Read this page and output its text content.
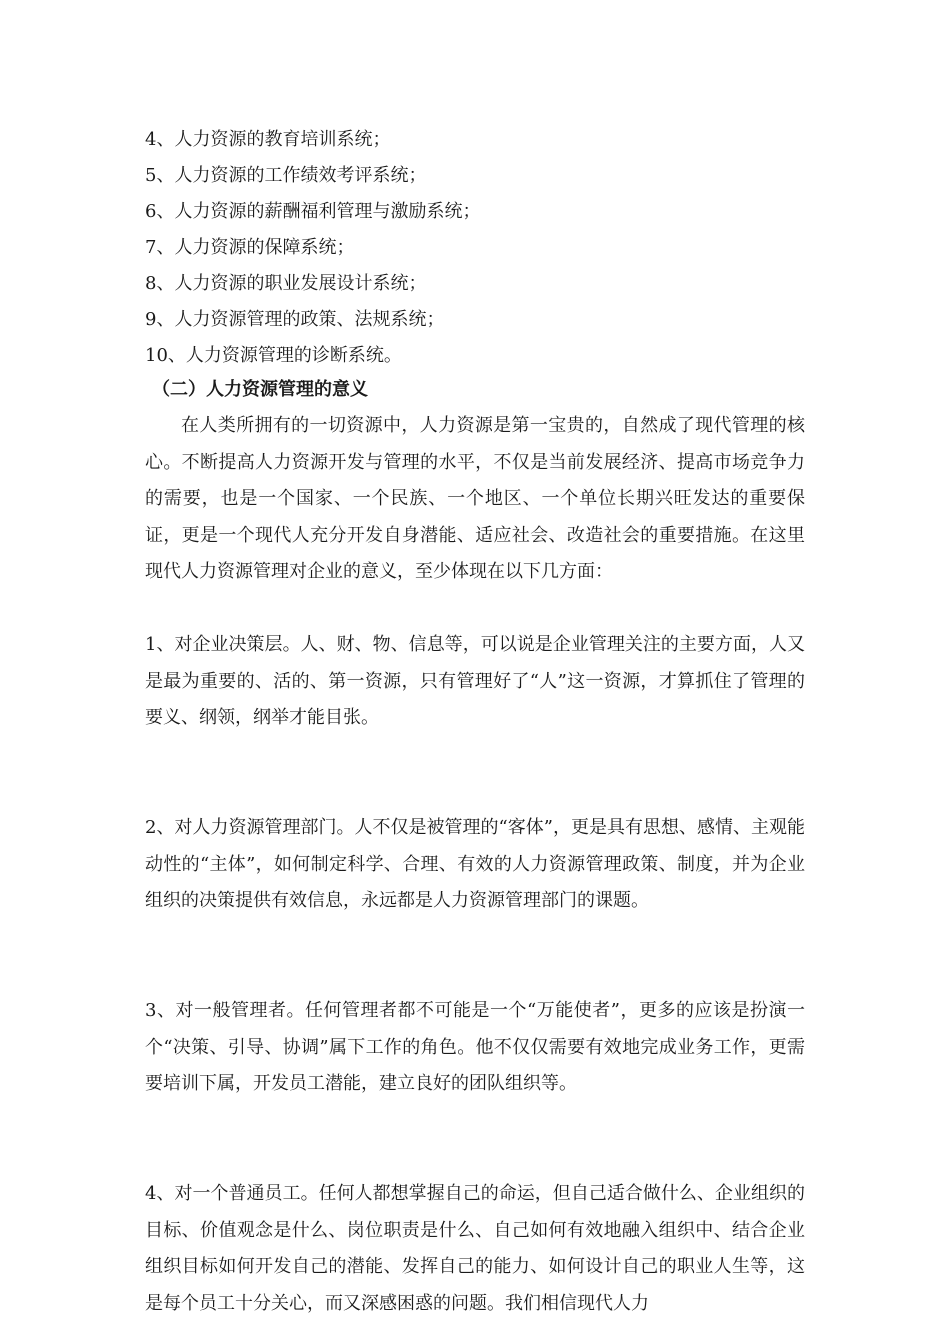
4、人力资源的教育培训系统；
5、人力资源的工作绩效考评系统；
6、人力资源的薪酬福利管理与激励系统；
7、人力资源的保障系统；
8、人力资源的职业发展设计系统；
9、人力资源管理的政策、法规系统；
10、人力资源管理的诊断系统。
（二）人力资源管理的意义

在人类所拥有的一切资源中，人力资源是第一宝贵的，自然成了现代管理的核心。不断提高人力资源开发与管理的水平，不仅是当前发展经济、提高市场竞争力的需要，也是一个国家、一个民族、一个地区、一个单位长期兴旺发达的重要保证，更是一个现代人充分开发自身潜能、适应社会、改造社会的重要措施。在这里现代人力资源管理对企业的意义，至少体现在以下几方面：

1、对企业决策层。人、财、物、信息等，可以说是企业管理关注的主要方面，人又是最为重要的、活的、第一资源，只有管理好了“人”这一资源，才算抓住了管理的要义、纲领，纲举才能目张。

2、对人力资源管理部门。人不仅是被管理的“客体”，更是具有思想、感情、主观能动性的“主体”，如何制定科学、合理、有效的人力资源管理政策、制度，并为企业组织的决策提供有效信息，永远都是人力资源管理部门的课题。

3、对一般管理者。任何管理者都不可能是一个“万能使者”，更多的应该是扮演一个“决策、引导、协调”属下工作的角色。他不仅仅需要有效地完成业务工作，更需要培训下属，开发员工潜能，建立良好的团队组织等。

4、对一个普通员工。任何人都想掌握自己的命运，但自己适合做什么、企业组织的目标、价值观念是什么、岗位职责是什么、自己如何有效地融入组织中、结合企业组织目标如何开发自己的潜能、发挥自己的能力、如何设计自己的职业人生等，这是每个员工十分关心，而又深感困惑的问题。我们相信现代人力
